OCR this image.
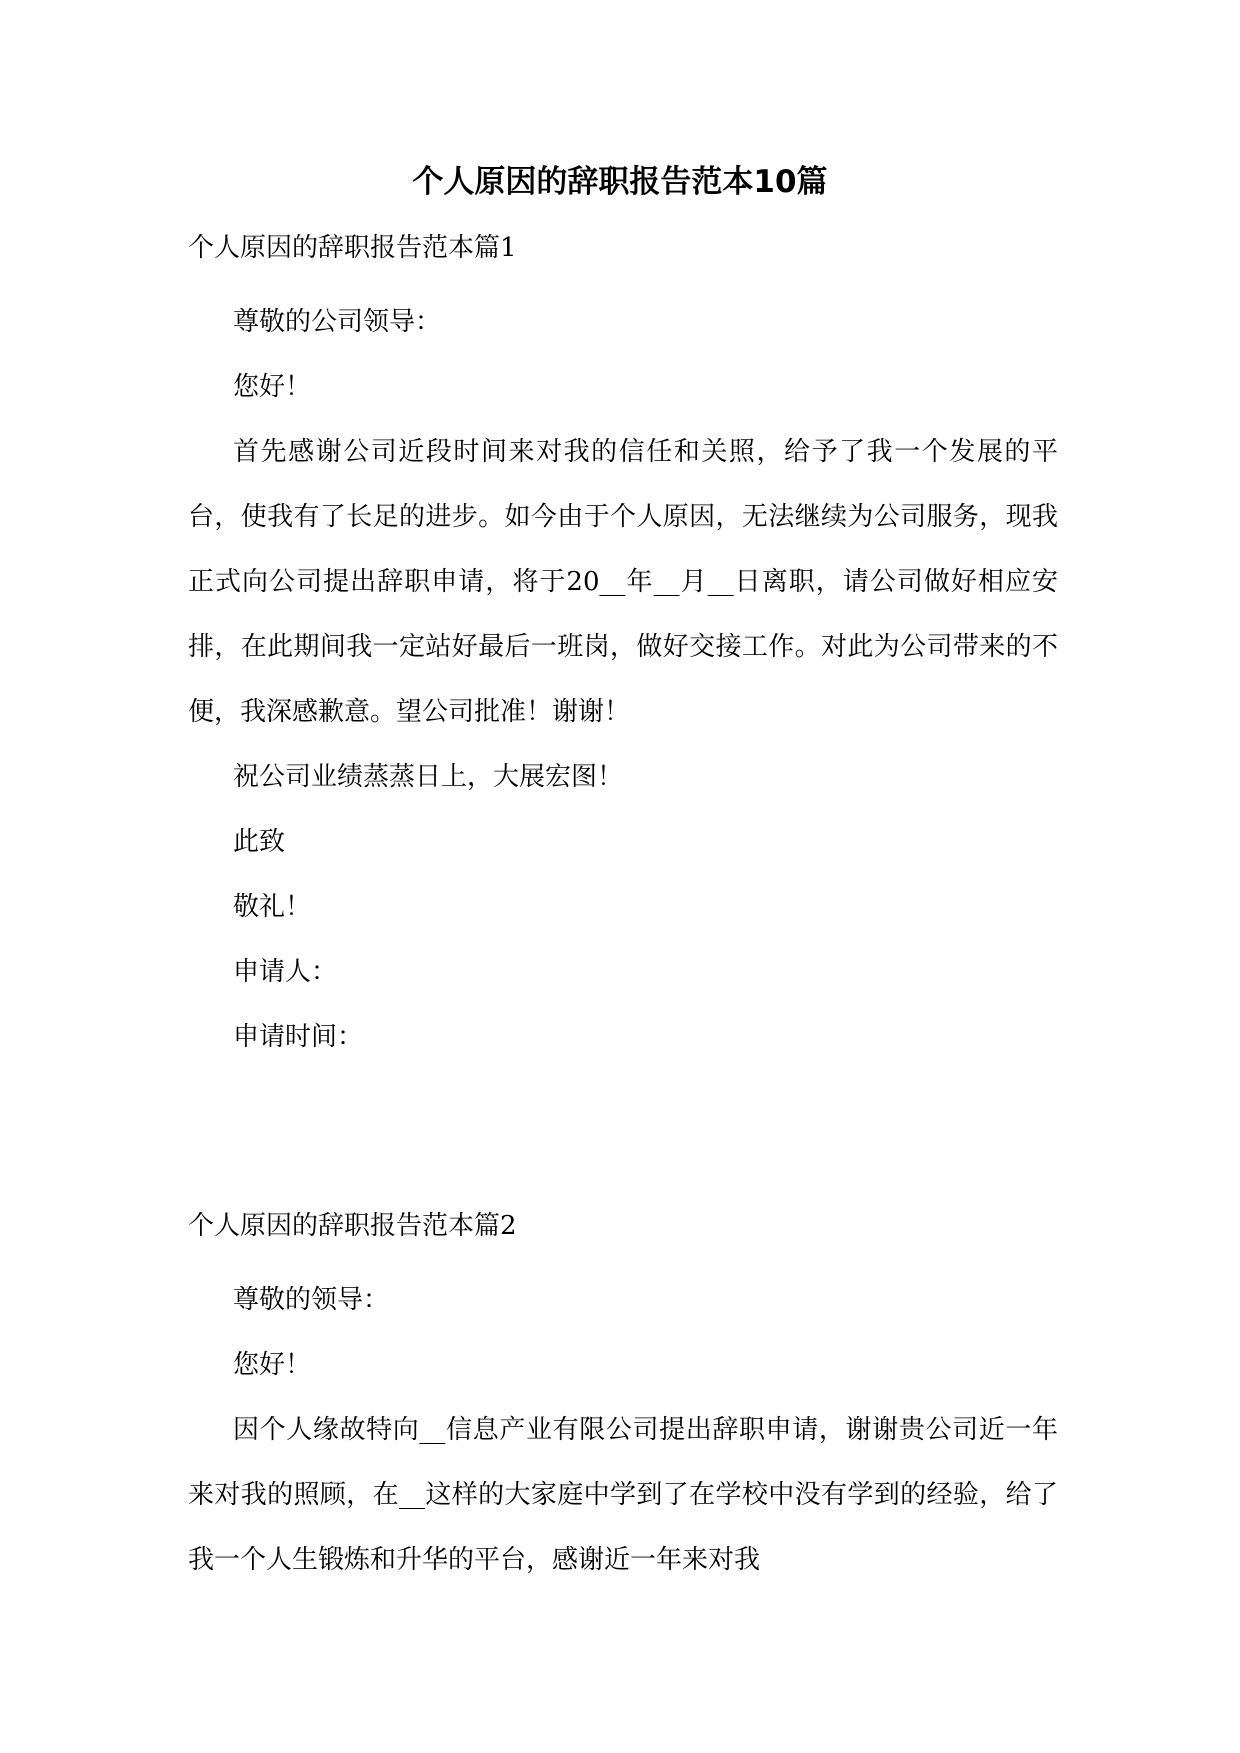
个人原因的辞职报告范本10篇

个人原因的辞职报告范本篇1

尊敬的公司领导：

您好！

首先感谢公司近段时间来对我的信任和关照，给予了我一个发展的平台，使我有了长足的进步。如今由于个人原因，无法继续为公司服务，现我正式向公司提出辞职申请，将于20__年__月__日离职，请公司做好相应安排，在此期间我一定站好最后一班岗，做好交接工作。对此为公司带来的不便，我深感歉意。望公司批准！谢谢！

祝公司业绩蒸蒸日上，大展宏图！

此致

敬礼！

申请人：

申请时间：

个人原因的辞职报告范本篇2

尊敬的领导：

您好！

因个人缘故特向__信息产业有限公司提出辞职申请，谢谢贵公司近一年来对我的照顾，在__这样的大家庭中学到了在学校中没有学到的经验，给了我一个人生锻炼和升华的平台，感谢近一年来对我
